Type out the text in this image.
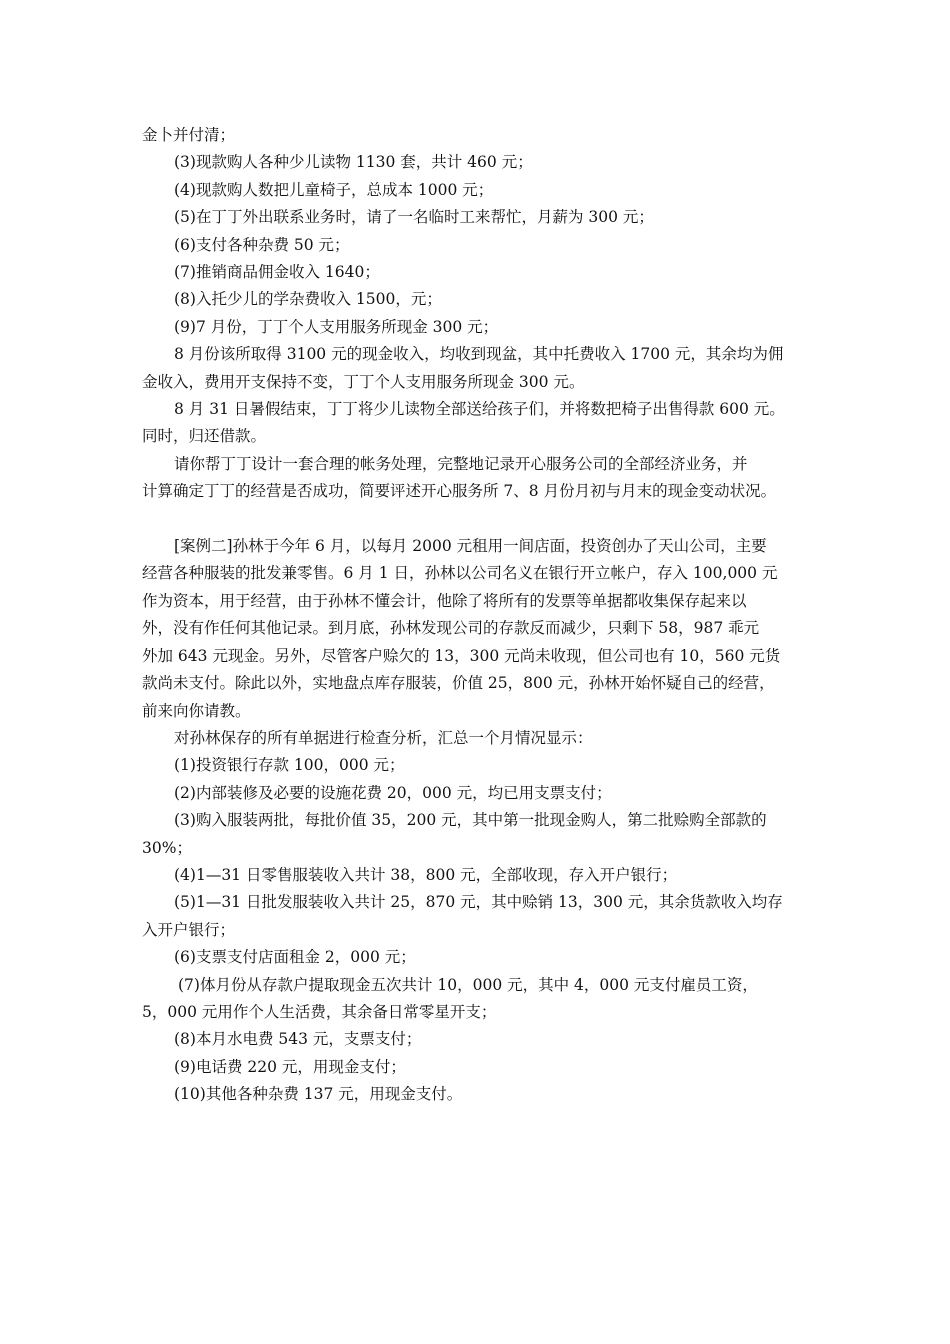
金卜并付清；
(3)现款购人各种少儿读物 1130 套，共计 460 元；
(4)现款购人数把儿童椅子，总成本 1000 元；
(5)在丁丁外出联系业务时，请了一名临时工来帮忙，月薪为 300 元；
(6)支付各种杂费 50 元；
(7)推销商品佣金收入 1640；
(8)入托少儿的学杂费收入 1500，元；
(9)7 月份，丁丁个人支用服务所现金 300 元；
8 月份该所取得 3100 元的现金收入，均收到现盆，其中托费收入 1700 元，其余均为佣
金收入，费用开支保持不变，丁丁个人支用服务所现金 300 元。
8 月 31 日暑假结束，丁丁将少儿读物全部送给孩子们，并将数把椅子出售得款 600 元。
同时，归还借款。
请你帮丁丁设计一套合理的帐务处理，完整地记录开心服务公司的全部经济业务，并
计算确定丁丁的经营是否成功，简要评述开心服务所 7、8 月份月初与月末的现金变动状况。
[案例二]孙林于今年 6 月，以每月 2000 元租用一间店面，投资创办了天山公司，主要
经营各种服装的批发兼零售。6 月 1 日，孙林以公司名义在银行开立帐户，存入 100,000 元
作为资本，用于经营，由于孙林不懂会计，他除了将所有的发票等单据都收集保存起来以
外，没有作任何其他记录。到月底，孙林发现公司的存款反而减少，只剩下 58，987 乖元
外加 643 元现金。另外，尽管客户赊欠的 13，300 元尚未收现，但公司也有 10，560 元货
款尚未支付。除此以外，实地盘点库存服装，价值 25，800 元，孙林开始怀疑自己的经营，
前来向你请教。
对孙林保存的所有单据进行检查分析，汇总一个月情况显示：
(1)投资银行存款 100，000 元；
(2)内部装修及必要的设施花费 20，000 元，均已用支票支付；
(3)购入服装两批，每批价值 35，200 元，其中第一批现金购人，第二批赊购全部款的
30%；
(4)1—31 日零售服装收入共计 38，800 元，全部收现，存入开户银行；
(5)1—31 日批发服装收入共计 25，870 元，其中赊销 13，300 元，其余货款收入均存
入开户银行；
(6)支票支付店面租金 2，000 元；
(7)体月份从存款户提取现金五次共计 10，000 元，其中 4，000 元支付雇员工资，
5，000 元用作个人生活费，其余备日常零星开支；
(8)本月水电费 543 元，支票支付；
(9)电话费 220 元，用现金支付；
(10)其他各种杂费 137 元，用现金支付。
